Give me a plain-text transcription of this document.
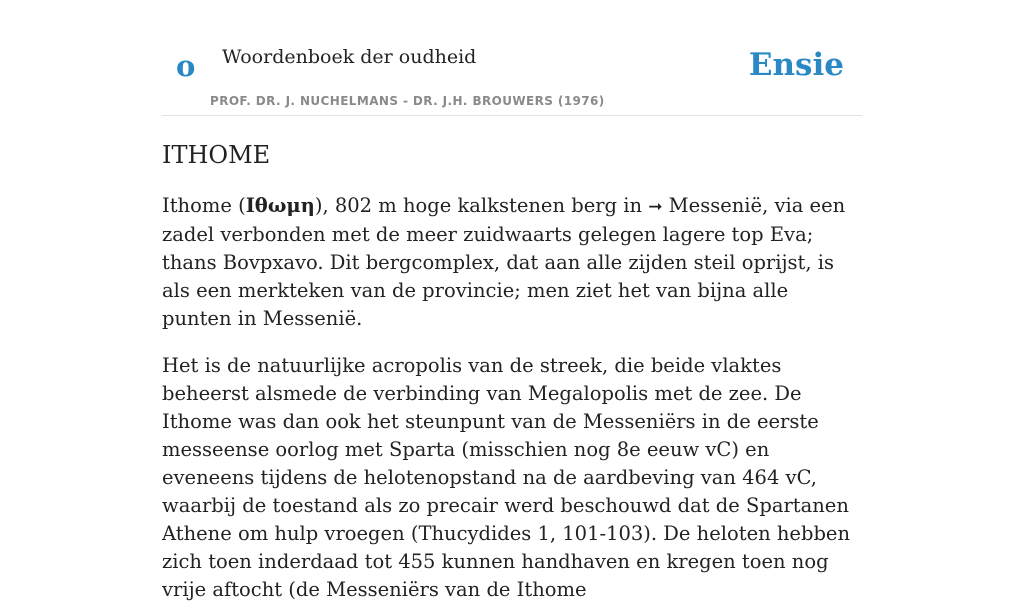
o Woordenboek der oudheid
PROF. DR. J. NUCHELMANS - DR. J.H. BROUWERS (1976)
Ensie
ITHOME

Ithome (Ιθωμη), 802 m hoge kalkstenen berg in ➞ Messenië, via een zadel verbonden met de meer zuidwaarts gelegen lagere top Eva; thans Bovpxavo. Dit bergcomplex, dat aan alle zijden steil oprijst, is als een merkteken van de provincie; men ziet het van bijna alle punten in Messenië.

Het is de natuurlijke acropolis van de streek, die beide vlaktes beheerst alsmede de verbinding van Megalopolis met de zee. De Ithome was dan ook het steunpunt van de Messeniërs in de eerste messeense oorlog met Sparta (misschien nog 8e eeuw vC) en eveneens tijdens de helotenopstand na de aardbeving van 464 vC, waarbij de toestand als zo precair werd beschouwd dat de Spartanen Athene om hulp vroegen (Thucydides 1, 101-103). De heloten hebben zich toen inderdaad tot 455 kunnen handhaven en kregen toen nog vrije aftocht (de Messeniërs van de Ithome
